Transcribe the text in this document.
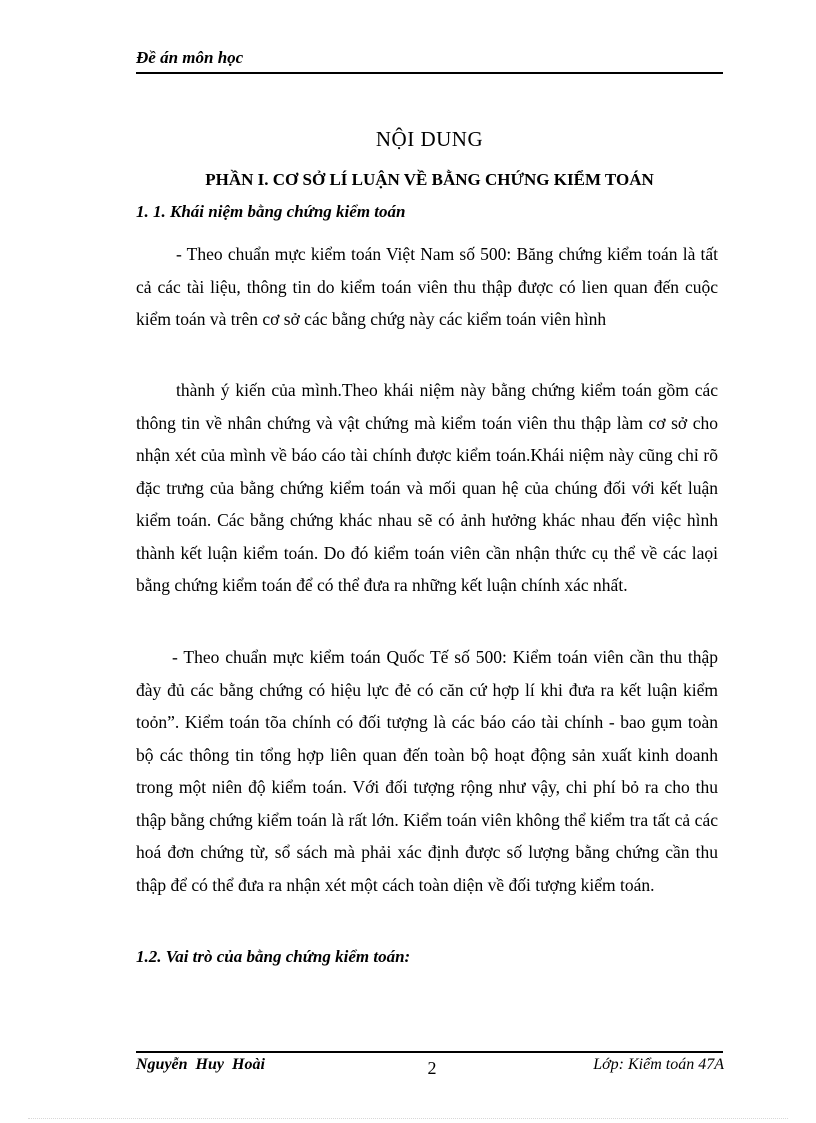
Đề án môn học
NỘI DUNG
PHẦN I. CƠ SỞ LÍ LUẬN VỀ BẰNG CHỨNG KIỂM TOÁN
1. 1. Khái niệm bằng chứng kiểm toán
- Theo chuẩn mực kiểm toán Việt Nam số 500: Băng chứng kiểm toán là tất cả các tài liệu, thông tin do kiểm toán viên thu thập được có lien quan đến cuộc kiểm toán và trên cơ sở các bằng chứg này các kiểm toán viên hình
thành ý kiến của mình.Theo khái niệm này bằng chứng kiểm toán gồm các thông tin về nhân chứng và vật chứng mà kiểm toán viên thu thập làm cơ sở cho nhận xét của mình về báo cáo tài chính được kiểm toán.Khái niệm này cũng chỉ rõ đặc trưng của bằng chứng kiểm toán và mối quan hệ của chúng đối với kết luận kiểm toán. Các bằng chứng khác nhau sẽ có ảnh hưởng khác nhau đến việc hình thành kết luận kiểm toán. Do đó kiểm toán viên cần nhận thức cụ thể về các laọi bằng chứng kiểm toán để có thể đưa ra những kết luận chính xác nhất.
- Theo chuẩn mực kiểm toán Quốc Tế số 500: Kiểm toán viên cần thu thập đày đủ các bằng chứng có hiệu lực đẻ có căn cứ hợp lí khi đưa ra kết luận kiểm toỏn”. Kiểm toán tõa chính có đối tượng là các báo cáo tài chính - bao gụm toàn bộ các thông tin tổng hợp liên quan đến toàn bộ hoạt động sản xuất kinh doanh trong một niên độ kiểm toán. Với đối tượng rộng như vậy, chi phí bỏ ra cho thu thập bằng chứng kiểm toán là rất lớn. Kiểm toán viên không thể kiểm tra tất cả các hoá đơn chứng từ, sổ sách mà phải xác định được số lượng bằng chứng cần thu thập để có thể đưa ra nhận xét một cách toàn diện về đối tượng kiểm toán.
1.2. Vai trò của bằng chứng kiểm toán:
Nguyễn Huy Hoài	2	Lớp: Kiểm toán 47A
